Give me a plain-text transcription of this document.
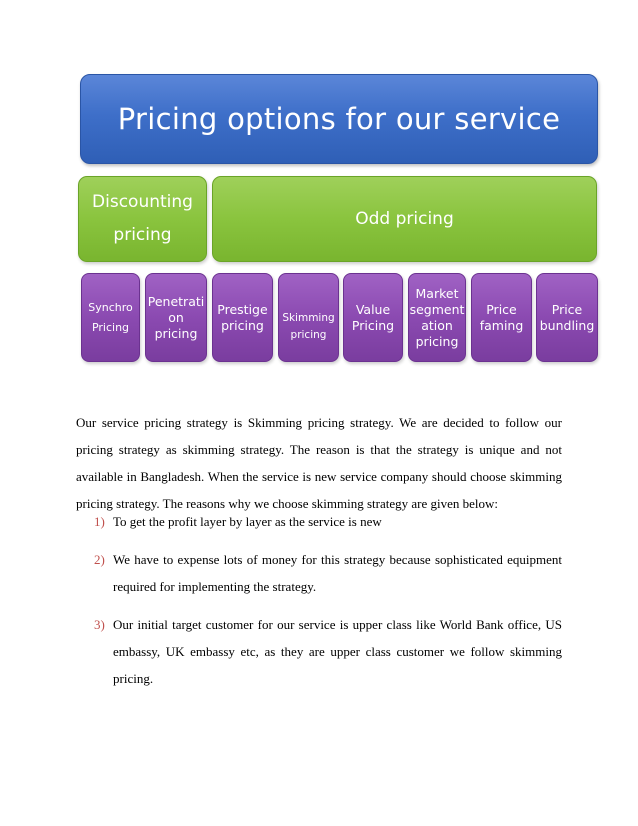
Pricing options for our service
Discounting
pricing
Odd pricing
Synchro
Pricing
Penetrati
on
pricing
Prestige
pricing	Skimming
pricing
Value
Pricing
Market
segment
ation
pricing
Price
faming
Price
bundling

Our service pricing strategy is Skimming pricing strategy. We are decided to follow our pricing strategy as skimming strategy. The reason is that the strategy is unique and not available in Bangladesh. When the service is new service company should choose skimming pricing strategy. The reasons why we choose skimming strategy are given below:

1) To get the profit layer by layer as the service is new
2) We have to expense lots of money for this strategy because sophisticated equipment required for implementing the strategy.
3) Our initial target customer for our service is upper class like World Bank office, US embassy, UK embassy etc, as they are upper class customer we follow skimming pricing.
